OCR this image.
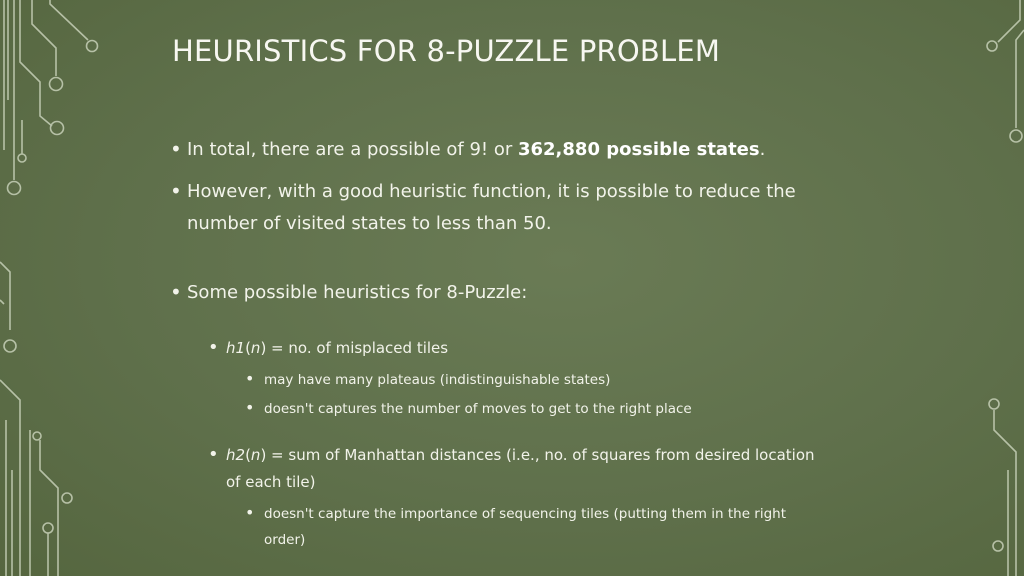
HEURISTICS FOR 8-PUZZLE PROBLEM
• In total, there are a possible of 9! or 362,880 possible states.
• However, with a good heuristic function, it is possible to reduce the number of visited states to less than 50.
• Some possible heuristics for 8-Puzzle:
• h1(n) = no. of misplaced tiles
• may have many plateaus (indistinguishable states)
• doesn't captures the number of moves to get to the right place
• h2(n) = sum of Manhattan distances (i.e., no. of squares from desired location of each tile)
• doesn't capture the importance of sequencing tiles (putting them in the right order)
